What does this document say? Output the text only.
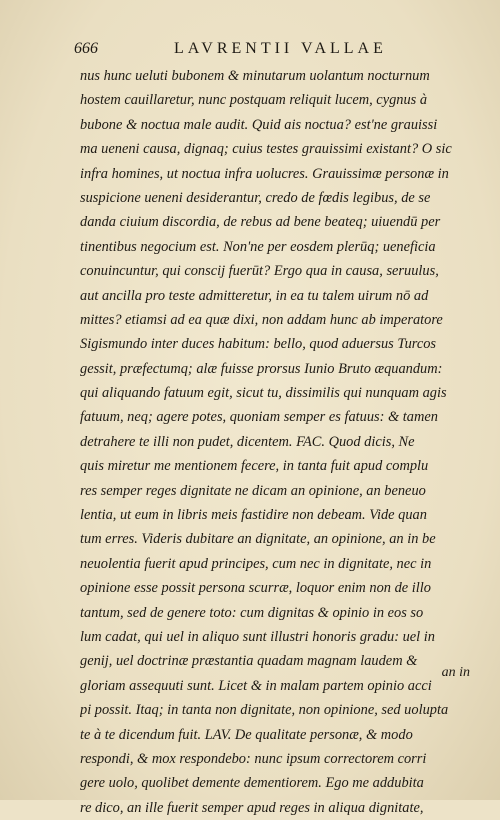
666	LAVRENTII VALLAE
nus hunc ueluti bubonem & minutarum uolantum nocturnum
hostem cauillaretur, nunc postquam reliquit lucem, cygnus à
bubone & noctua male audit. Quid ais noctua? est'ne grauissi
ma ueneni causa, dignaq; cuius testes grauissimi existant? O sic
infra homines, ut noctua infra uolucres. Grauissimæ personæ in
suspicione ueneni desiderantur, credo de fœdis legibus, de se
danda ciuium discordia, de rebus ad bene beateq; uiuendū per
tinentibus negocium est. Non'ne per eosdem plerūq; ueneficia
conuincuntur, qui conscij fuerūt? Ergo qua in causa, seruulus,
aut ancilla pro teste admitteretur, in ea tu talem uirum nō ad
mittes? etiamsi ad ea quæ dixi, non addam hunc ab imperatore
Sigismundo inter duces habitum: bello, quod aduersus Turcos
gessit, præfectumq; alæ fuisse prorsus Iunio Bruto æquandum:
qui aliquando fatuum egit, sicut tu, dissimilis qui nunquam agis
fatuum, neq; agere potes, quoniam semper es fatuus: & tamen
detrahere te illi non pudet, dicentem. FAC. Quod dicis, Ne
quis miretur me mentionem fecere, in tanta fuit apud complu
res semper reges dignitate ne dicam an opinione, an beneuo
lentia, ut eum in libris meis fastidire non debeam. Vide quan
tum erres. Videris dubitare an dignitate, an opinione, an in be
neuolentia fuerit apud principes, cum nec in dignitate, nec in
opinione esse possit persona scurræ, loquor enim non de illo
tantum, sed de genere toto: cum dignitas & opinio in eos so
lum cadat, qui uel in aliquo sunt illustri honoris gradu: uel in
genij, uel doctrinæ præstantia quadam magnam laudem &
gloriam assequuti sunt. Licet & in malam partem opinio acci
pi possit. Itaq; in tanta non dignitate, non opinione, sed uolupta
te à te dicendum fuit. LAV. De qualitate personæ, & modo
respondi, & mox respondebo: nunc ipsum correctorem corri
gere uolo, quolibet demente dementiorem. Ego me addubita
re dico, an ille fuerit semper apud reges in aliqua dignitate,
an in
